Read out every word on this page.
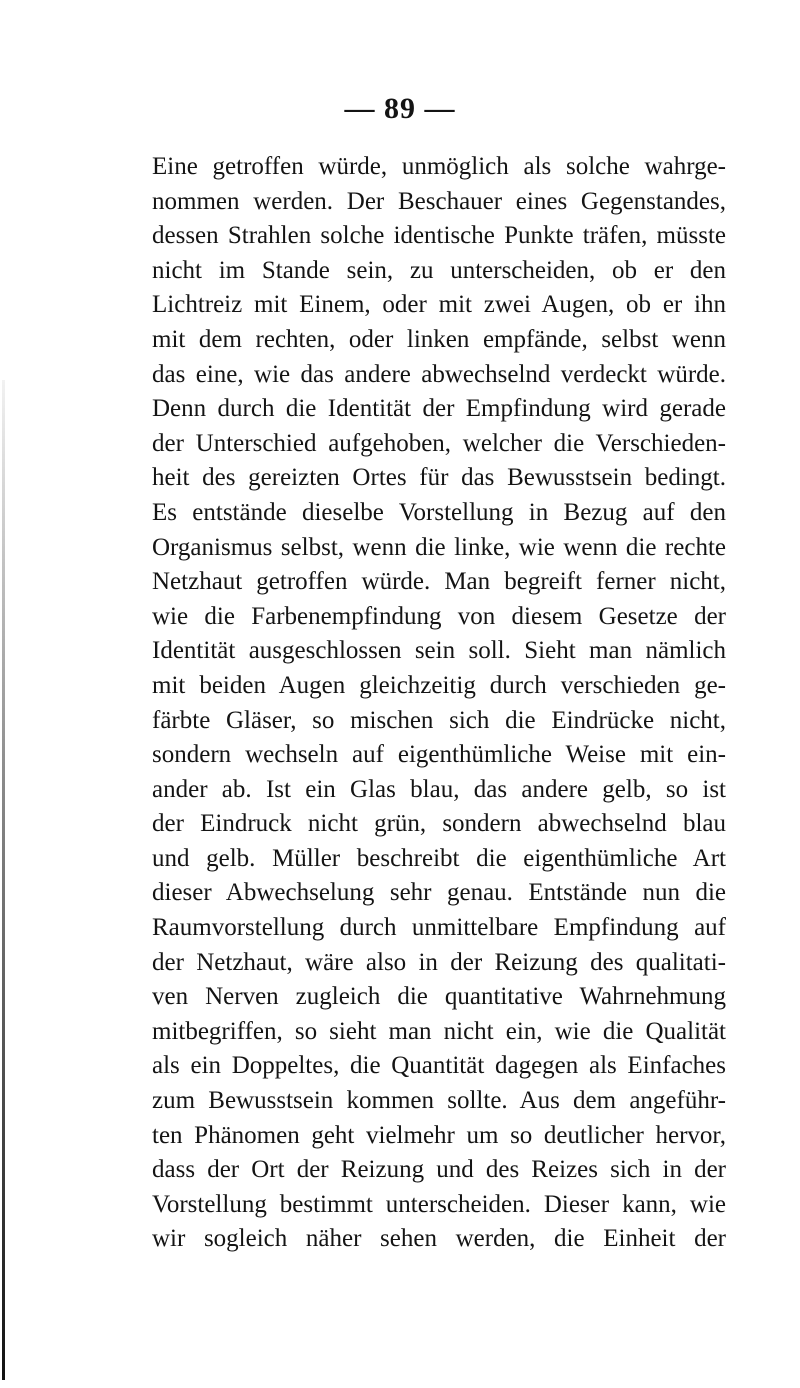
— 89 —
Eine getroffen würde, unmöglich als solche wahrge-
nommen werden. Der Beschauer eines Gegenstandes,
dessen Strahlen solche identische Punkte träfen, müsste
nicht im Stande sein, zu unterscheiden, ob er den
Lichtreiz mit Einem, oder mit zwei Augen, ob er ihn
mit dem rechten, oder linken empfände, selbst wenn
das eine, wie das andere abwechselnd verdeckt würde.
Denn durch die Identität der Empfindung wird gerade
der Unterschied aufgehoben, welcher die Verschieden-
heit des gereizten Ortes für das Bewusstsein bedingt.
Es entstände dieselbe Vorstellung in Bezug auf den
Organismus selbst, wenn die linke, wie wenn die rechte
Netzhaut getroffen würde. Man begreift ferner nicht,
wie die Farbenempfindung von diesem Gesetze der
Identität ausgeschlossen sein soll. Sieht man nämlich
mit beiden Augen gleichzeitig durch verschieden ge-
färbte Gläser, so mischen sich die Eindrücke nicht,
sondern wechseln auf eigenthümliche Weise mit ein-
ander ab. Ist ein Glas blau, das andere gelb, so ist
der Eindruck nicht grün, sondern abwechselnd blau
und gelb. Müller beschreibt die eigenthümliche Art
dieser Abwechselung sehr genau. Entstände nun die
Raumvorstellung durch unmittelbare Empfindung auf
der Netzhaut, wäre also in der Reizung des qualitati-
ven Nerven zugleich die quantitative Wahrnehmung
mitbegriffen, so sieht man nicht ein, wie die Qualität
als ein Doppeltes, die Quantität dagegen als Einfaches
zum Bewusstsein kommen sollte. Aus dem angeführ-
ten Phänomen geht vielmehr um so deutlicher hervor,
dass der Ort der Reizung und des Reizes sich in der
Vorstellung bestimmt unterscheiden. Dieser kann, wie
wir sogleich näher sehen werden, die Einheit der
